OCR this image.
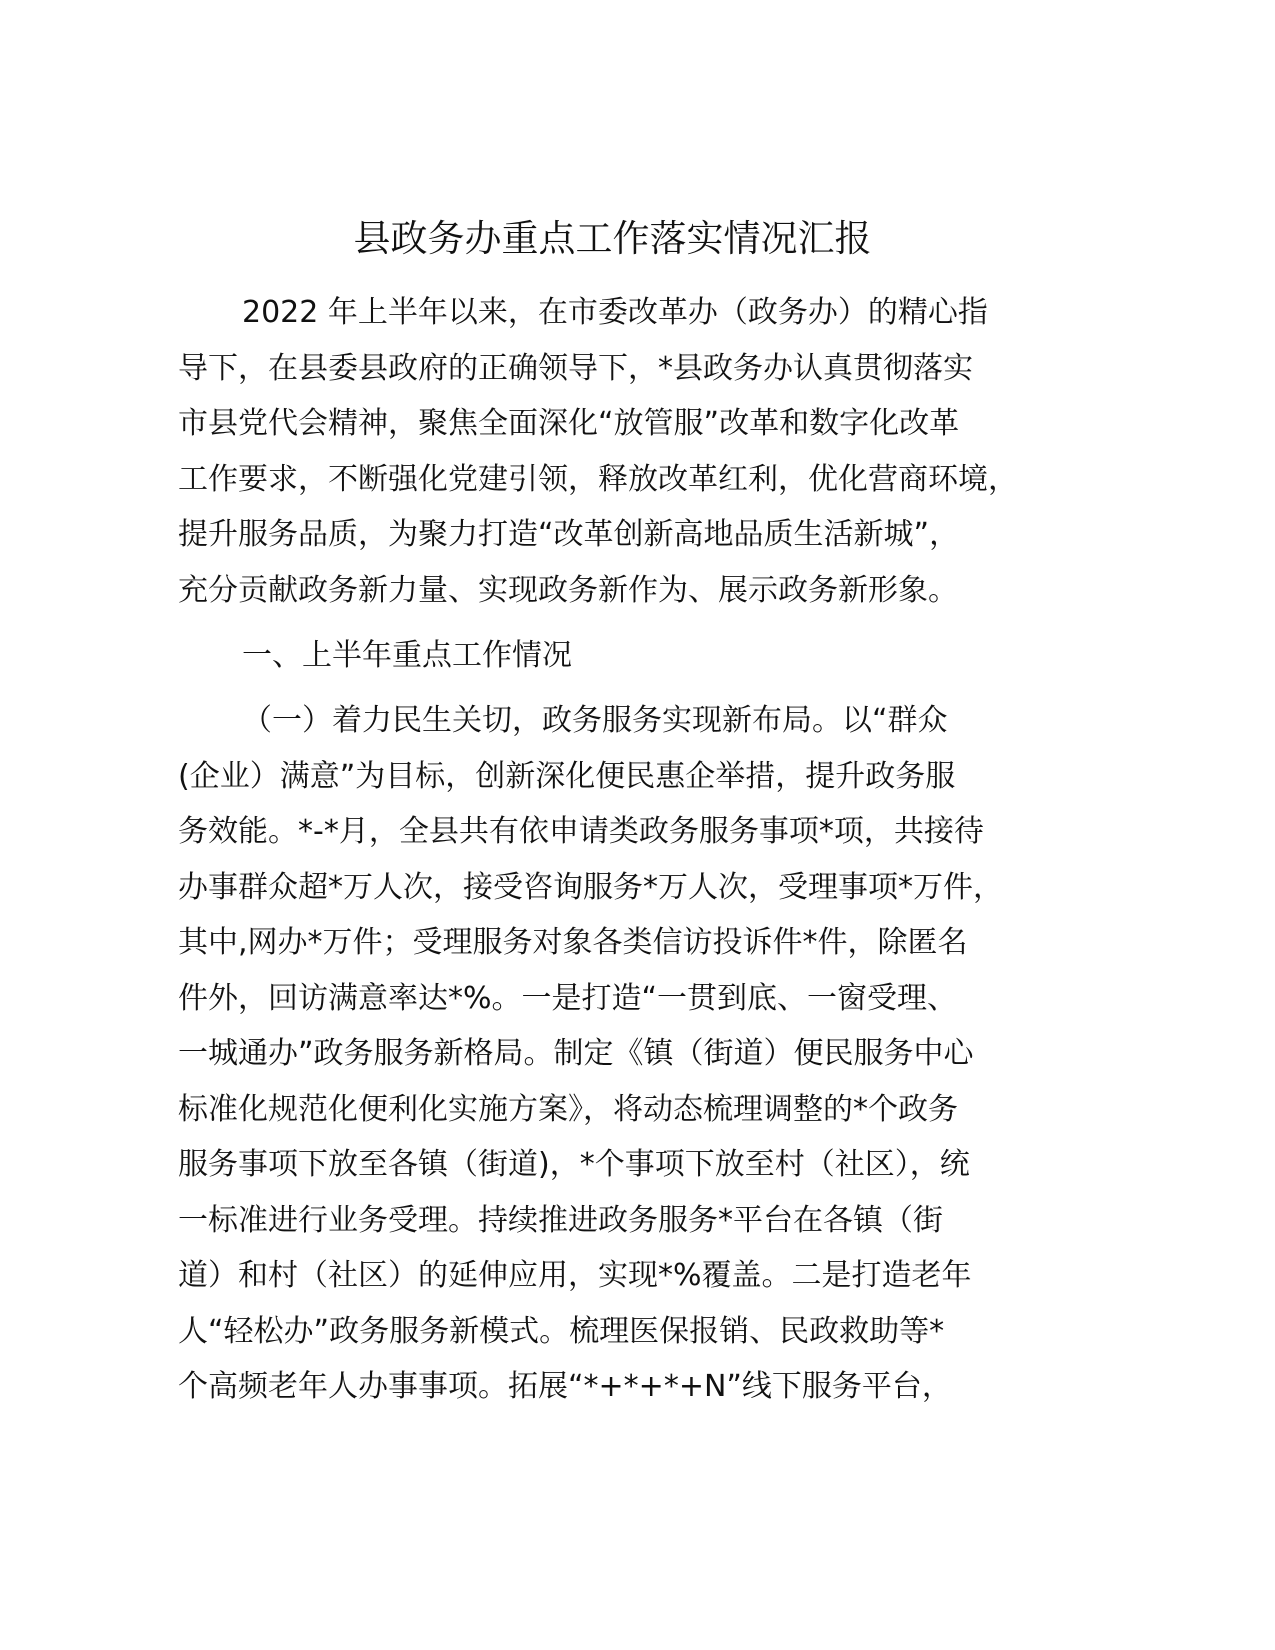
县政务办重点工作落实情况汇报
2022 年上半年以来，在市委改革办（政务办）的精心指
导下，在县委县政府的正确领导下，*县政务办认真贯彻落实
市县党代会精神，聚焦全面深化“放管服”改革和数字化改革
工作要求，不断强化党建引领，释放改革红利，优化营商环境，
提升服务品质，为聚力打造“改革创新高地品质生活新城”，
充分贡献政务新力量、实现政务新作为、展示政务新形象。
一、上半年重点工作情况
（一）着力民生关切，政务服务实现新布局。以“群众
(企业）满意”为目标，创新深化便民惠企举措，提升政务服
务效能。*-*月，全县共有依申请类政务服务事项*项，共接待
办事群众超*万人次，接受咨询服务*万人次，受理事项*万件，
其中,网办*万件；受理服务对象各类信访投诉件*件，除匿名
件外，回访满意率达*%。一是打造“一贯到底、一窗受理、
一城通办”政务服务新格局。制定《镇（街道）便民服务中心
标准化规范化便利化实施方案》，将动态梳理调整的*个政务
服务事项下放至各镇（街道)，*个事项下放至村（社区），统
一标准进行业务受理。持续推进政务服务*平台在各镇（街
道）和村（社区）的延伸应用，实现*%覆盖。二是打造老年
人“轻松办”政务服务新模式。梳理医保报销、民政救助等*
个高频老年人办事事项。拓展“*+*+*+N”线下服务平台，
